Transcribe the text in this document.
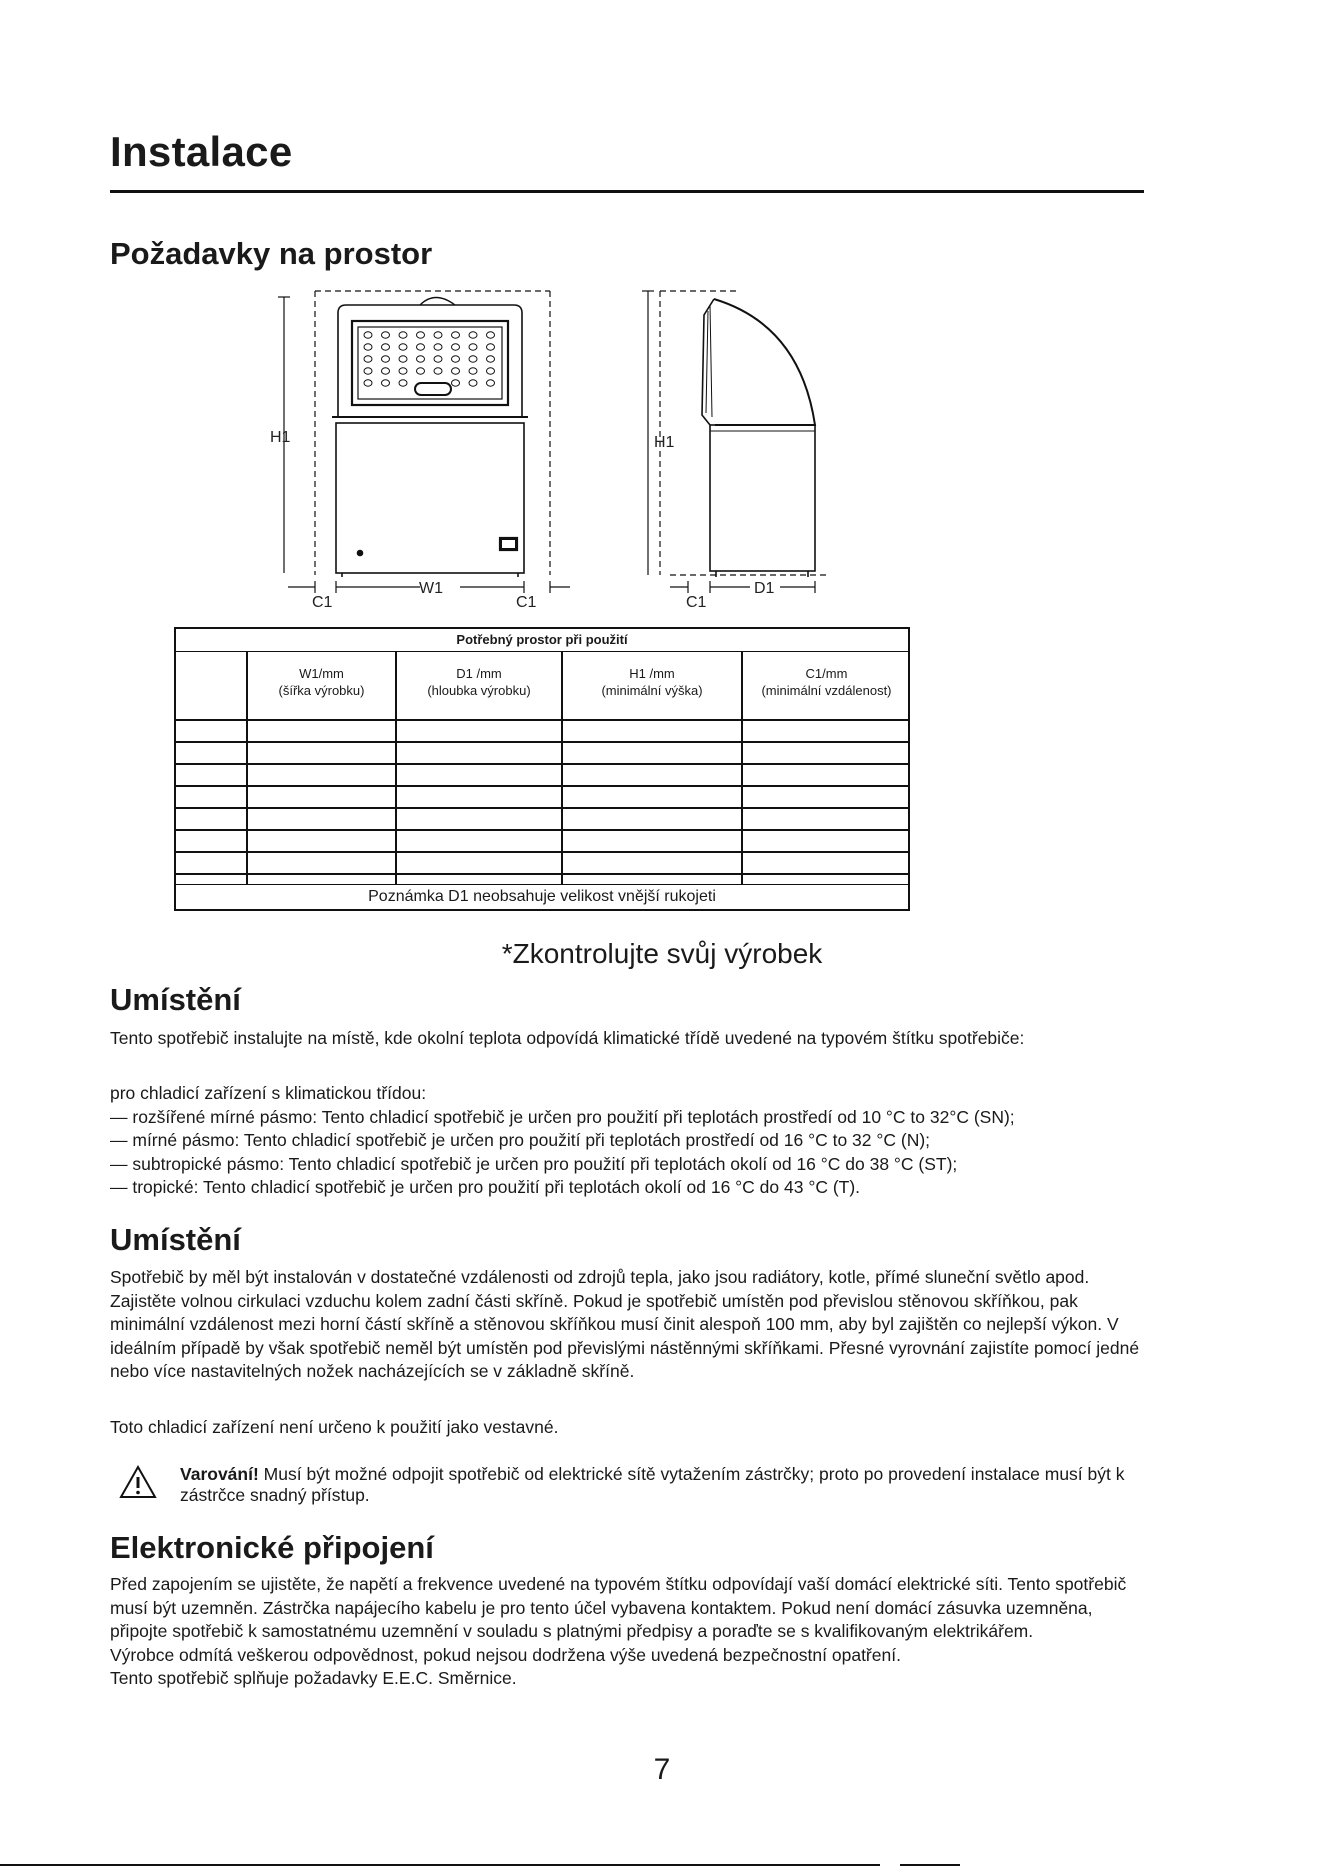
Instalace
Požadavky na prostor
H1
W1
C1	C1
H1
D1
C1
Potřebný prostor při použití
W1/mm
(šířka výrobku)
D1 /mm
(hloubka výrobku)
H1 /mm
(minimální výška)
C1/mm
(minimální vzdálenost)
Poznámka D1 neobsahuje velikost vnější rukojeti
*Zkontrolujte svůj výrobek
Umístění
Tento spotřebič instalujte na místě, kde okolní teplota odpovídá klimatické třídě uvedené na typovém štítku spotřebiče:
pro chladicí zařízení s klimatickou třídou:
— rozšířené mírné pásmo: Tento chladicí spotřebič je určen pro použití při teplotách prostředí od 10 °C to 32°C (SN);
— mírné pásmo: Tento chladicí spotřebič je určen pro použití při teplotách prostředí od 16 °C to 32 °C (N);
— subtropické pásmo: Tento chladicí spotřebič je určen pro použití při teplotách okolí od 16 °C do 38 °C (ST);
— tropické: Tento chladicí spotřebič je určen pro použití při teplotách okolí od 16 °C do 43 °C (T).
Umístění
Spotřebič by měl být instalován v dostatečné vzdálenosti od zdrojů tepla, jako jsou radiátory, kotle, přímé sluneční světlo apod. Zajistěte volnou cirkulaci vzduchu kolem zadní části skříně. Pokud je spotřebič umístěn pod převislou stěnovou skříňkou, pak minimální vzdálenost mezi horní částí skříně a stěnovou skříňkou musí činit alespoň 100 mm, aby byl zajištěn co nejlepší výkon. V ideálním případě by však spotřebič neměl být umístěn pod převislými nástěnnými skříňkami. Přesné vyrovnání zajistíte pomocí jedné nebo více nastavitelných nožek nacházejících se v základně skříně.
Toto chladicí zařízení není určeno k použití jako vestavné.
Varování! Musí být možné odpojit spotřebič od elektrické sítě vytažením zástrčky; proto po provedení instalace musí být k zástrčce snadný přístup.
Elektronické připojení
Před zapojením se ujistěte, že napětí a frekvence uvedené na typovém štítku odpovídají vaší domácí elektrické síti. Tento spotřebič musí být uzemněn. Zástrčka napájecího kabelu je pro tento účel vybavena kontaktem. Pokud není domácí zásuvka uzemněna, připojte spotřebič k samostatnému uzemnění v souladu s platnými předpisy a poraďte se s kvalifikovaným elektrikářem.
Výrobce odmítá veškerou odpovědnost, pokud nejsou dodržena výše uvedená bezpečnostní opatření.
Tento spotřebič splňuje požadavky E.E.C. Směrnice.
7
